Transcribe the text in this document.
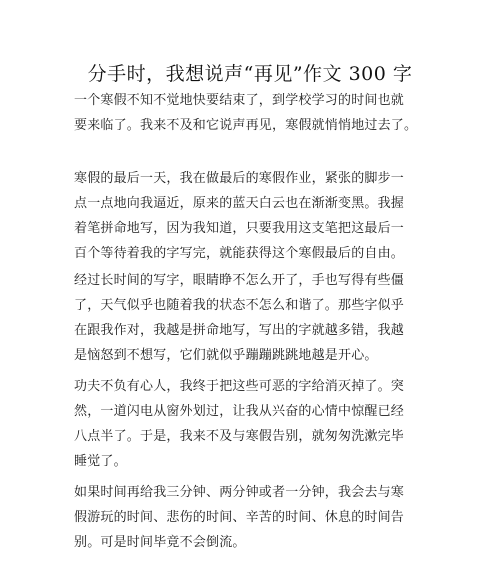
分手时，我想说声“再见”作文 300 字

一个寒假不知不觉地快要结束了，到学校学习的时间也就
要来临了。我来不及和它说声再见，寒假就悄悄地过去了。

寒假的最后一天，我在做最后的寒假作业，紧张的脚步一
点一点地向我逼近，原来的蓝天白云也在渐渐变黑。我握
着笔拼命地写，因为我知道，只要我用这支笔把这最后一
百个等待着我的字写完，就能获得这个寒假最后的自由。

经过长时间的写字，眼睛睁不怎么开了，手也写得有些僵
了，天气似乎也随着我的状态不怎么和谐了。那些字似乎
在跟我作对，我越是拼命地写，写出的字就越多错，我越
是恼怒到不想写，它们就似乎蹦蹦跳跳地越是开心。

功夫不负有心人，我终于把这些可恶的字给消灭掉了。突
然，一道闪电从窗外划过，让我从兴奋的心情中惊醒已经
八点半了。于是，我来不及与寒假告别，就匆匆洗漱完毕
睡觉了。

如果时间再给我三分钟、两分钟或者一分钟，我会去与寒
假游玩的时间、悲伤的时间、辛苦的时间、休息的时间告
别。可是时间毕竟不会倒流。
